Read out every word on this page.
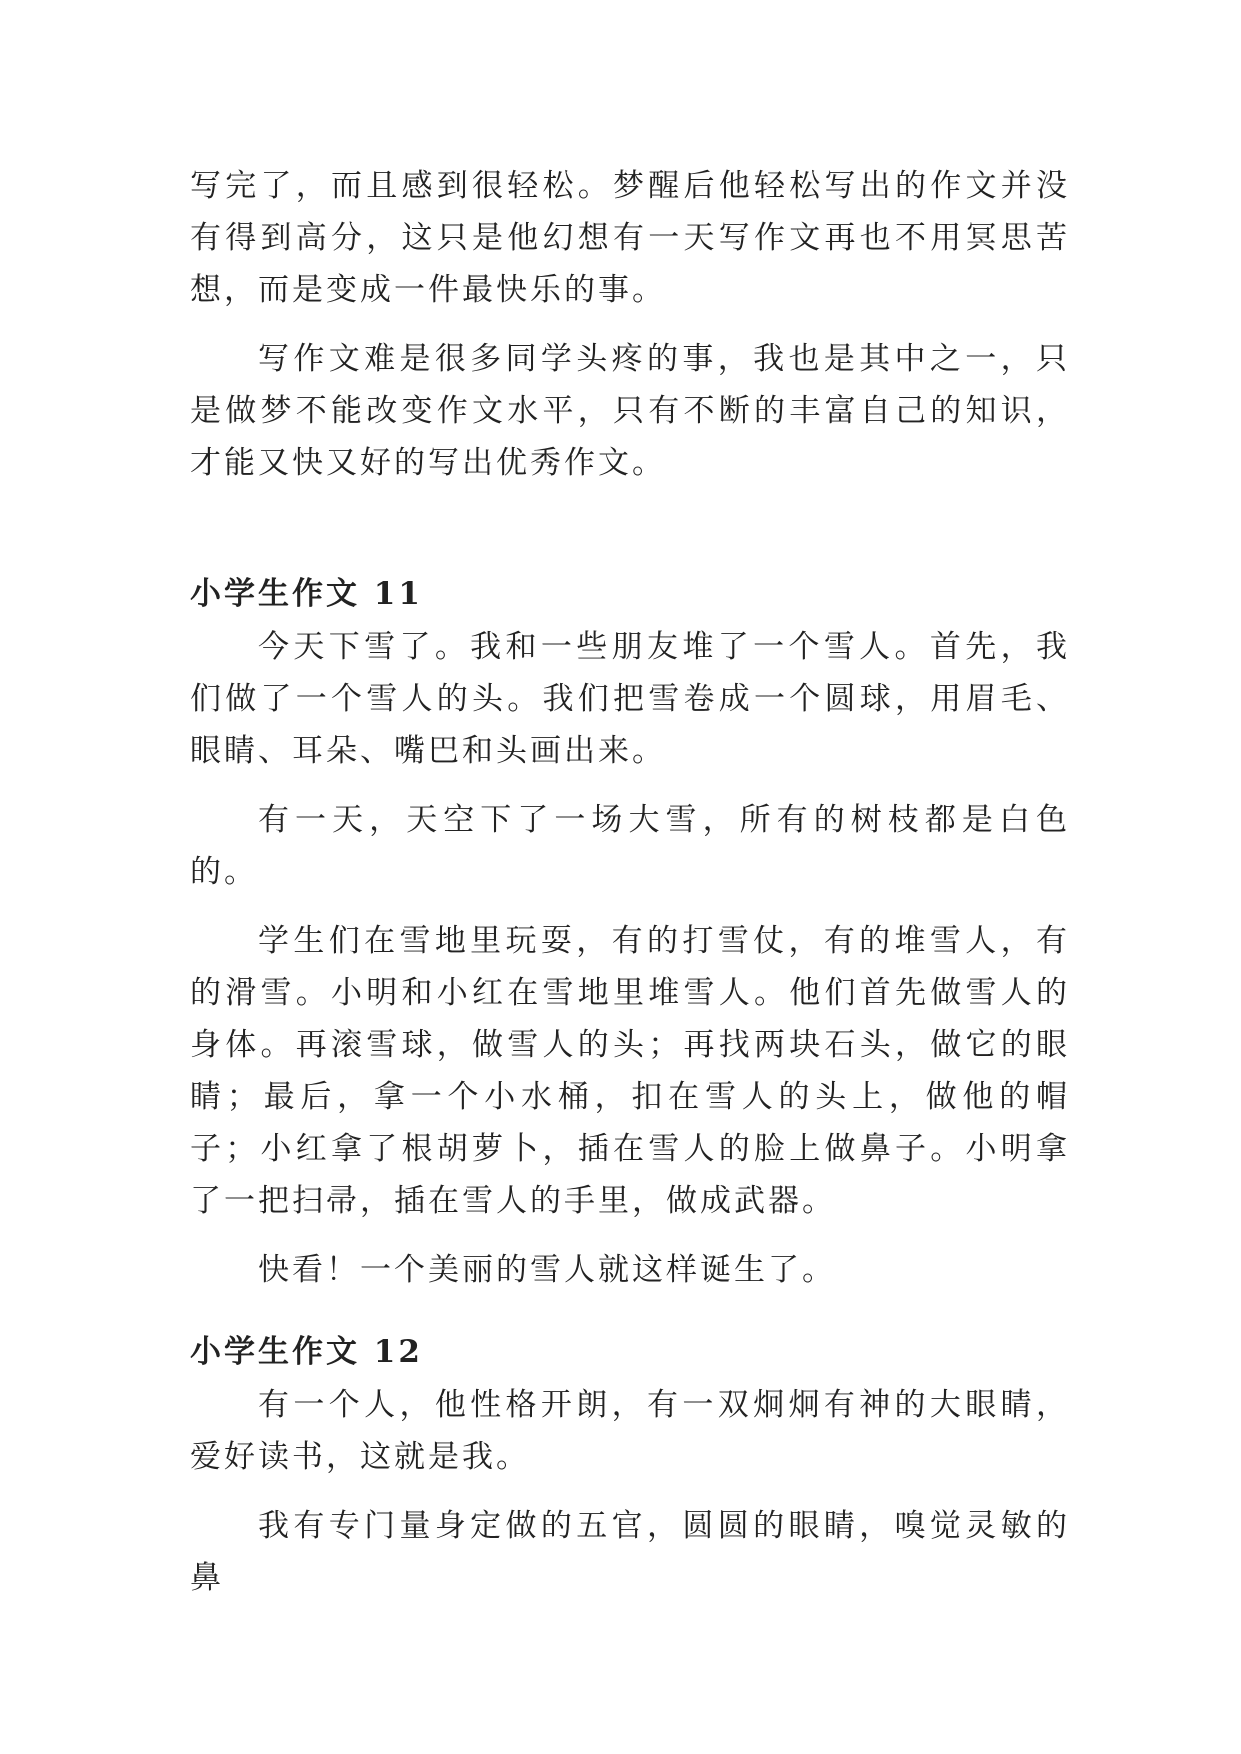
写完了，而且感到很轻松。梦醒后他轻松写出的作文并没有得到高分，这只是他幻想有一天写作文再也不用冥思苦想，而是变成一件最快乐的事。

写作文难是很多同学头疼的事，我也是其中之一，只是做梦不能改变作文水平，只有不断的丰富自己的知识，才能又快又好的写出优秀作文。

小学生作文 11

今天下雪了。我和一些朋友堆了一个雪人。首先，我们做了一个雪人的头。我们把雪卷成一个圆球，用眉毛、眼睛、耳朵、嘴巴和头画出来。

有一天，天空下了一场大雪，所有的树枝都是白色的。

学生们在雪地里玩耍，有的打雪仗，有的堆雪人，有的滑雪。小明和小红在雪地里堆雪人。他们首先做雪人的身体。再滚雪球，做雪人的头；再找两块石头，做它的眼睛；最后，拿一个小水桶，扣在雪人的头上，做他的帽子；小红拿了根胡萝卜，插在雪人的脸上做鼻子。小明拿了一把扫帚，插在雪人的手里，做成武器。

快看！一个美丽的雪人就这样诞生了。

小学生作文 12

有一个人，他性格开朗，有一双炯炯有神的大眼睛，爱好读书，这就是我。

我有专门量身定做的五官，圆圆的眼睛，嗅觉灵敏的鼻
